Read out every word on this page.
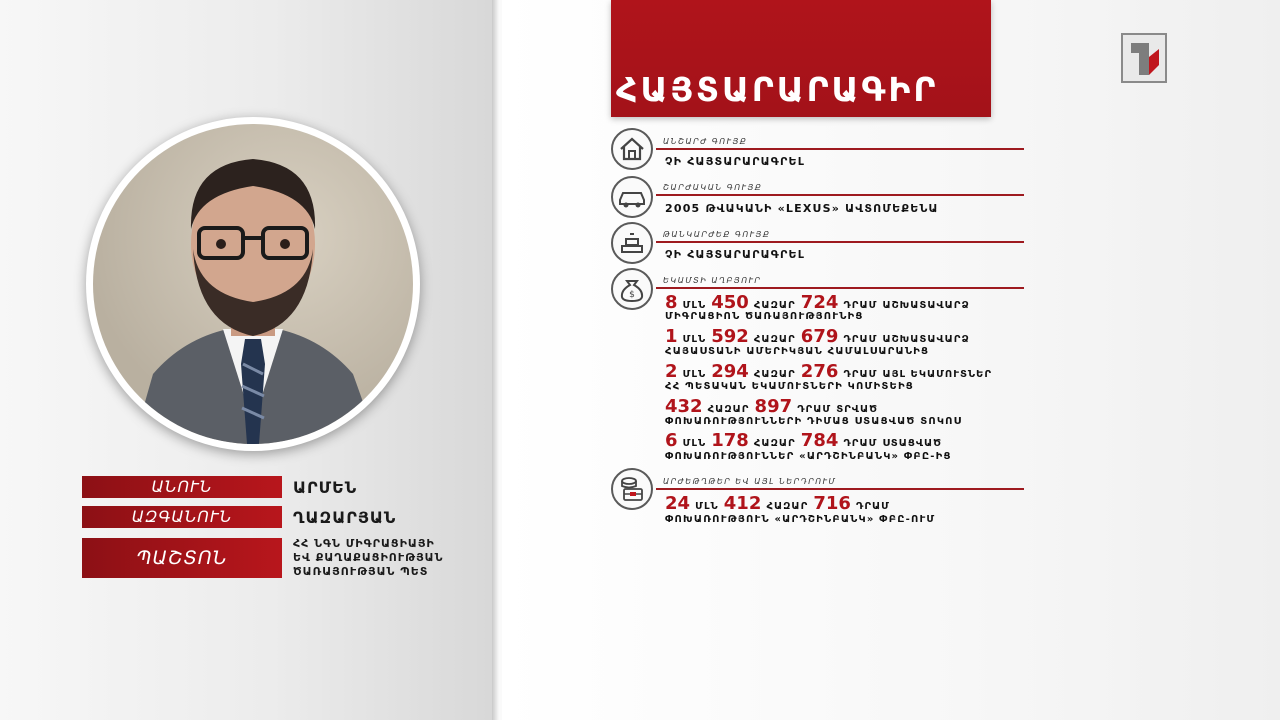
ԱՆՈՒՆ	ԱՐՄԵՆ
ԱԶԳԱՆՈՒՆ	ՂԱԶԱՐՅԱՆ
ՊԱՇՏՈՆ
ՀՀ ՆԳՆ ՄԻԳՐԱՑԻԱՅԻ
ԵՎ ՔԱՂԱՔԱՑԻՈՒԹՅԱՆ
ԾԱՌԱՅՈՒԹՅԱՆ ՊԵՏ
ՀԱՅՏԱՐԱՐԱԳԻՐ
ԱՆՇԱՐԺ ԳՈՒՅՔ
ՉԻ ՀԱՅՏԱՐԱՐԱԳՐԵԼ
ՇԱՐԺԱԿԱՆ ԳՈՒՅՔ
2005 ԹՎԱԿԱՆԻ «LEXUS» ԱՎՏՈՄԵՔԵՆԱ
ԹԱՆԿԱՐԺԵՔ ԳՈՒՅՔ
ՉԻ ՀԱՅՏԱՐԱՐԱԳՐԵԼ
$
ԵԿԱՄՏԻ ԱՂԲՅՈՒՐ
8 ՄԼՆ 450 ՀԱԶԱՐ 724 ԴՐԱՄ ԱՇԽԱՏԱՎԱՐՁ
ՄԻԳՐԱՑԻՈՆ ԾԱՌԱՅՈՒԹՅՈՒՆԻՑ
1 ՄԼՆ 592 ՀԱԶԱՐ 679 ԴՐԱՄ ԱՇԽԱՏԱՎԱՐՁ
ՀԱՅԱՍՏԱՆԻ ԱՄԵՐԻԿՅԱՆ ՀԱՄԱԼՍԱՐԱՆԻՑ
2 ՄԼՆ 294 ՀԱԶԱՐ 276 ԴՐԱՄ ԱՅԼ ԵԿԱՄՈՒՏՆԵՐ
ՀՀ ՊԵՏԱԿԱՆ ԵԿԱՄՈՒՏՆԵՐԻ ԿՈՄԻՏԵԻՑ
432 ՀԱԶԱՐ 897 ԴՐԱՄ ՏՐՎԱԾ
ՓՈԽԱՌՈՒԹՅՈՒՆՆԵՐԻ ԴԻՄԱՑ ՍՏԱՑՎԱԾ ՏՈԿՈՍ
6 ՄԼՆ 178 ՀԱԶԱՐ 784 ԴՐԱՄ ՍՏԱՑՎԱԾ
ՓՈԽԱՌՈՒԹՅՈՒՆՆԵՐ «ԱՐԴՇԻՆԲԱՆԿ» ՓԲԸ-ԻՑ
ԱՐԺԵԹՂԹԵՐ ԵՎ ԱՅԼ ՆԵՐԴՐՈՒՄ
24 ՄԼՆ 412 ՀԱԶԱՐ 716 ԴՐԱՄ
ՓՈԽԱՌՈՒԹՅՈՒՆ «ԱՐԴՇԻՆԲԱՆԿ» ՓԲԸ-ՈՒՄ
